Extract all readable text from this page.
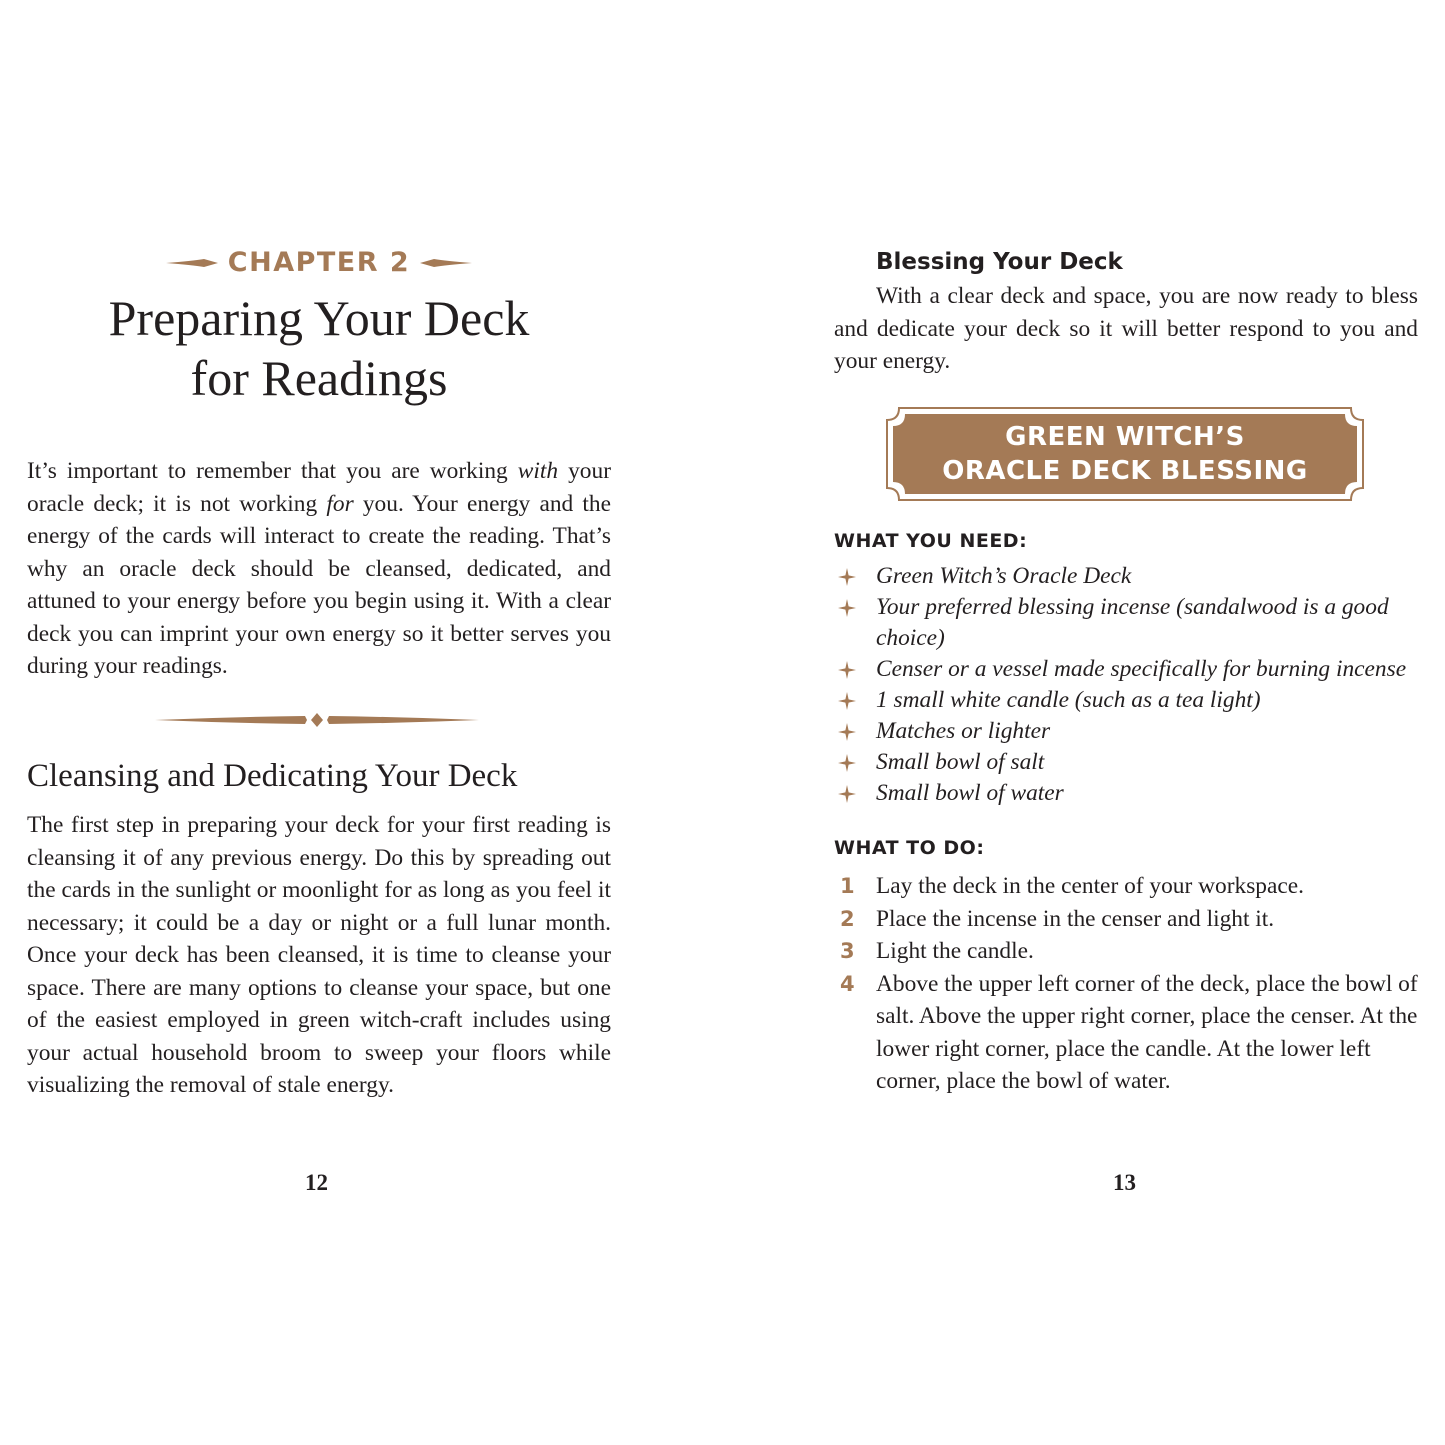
CHAPTER 2
Preparing Your Deck
for Readings

It’s important to remember that you are working with your oracle deck; it is not working for you. Your energy and the energy of the cards will interact to create the reading. That’s why an oracle deck should be cleansed, dedicated, and attuned to your energy before you begin using it. With a clear deck you can imprint your own energy so it better serves you during your readings.

Cleansing and Dedicating Your Deck

The first step in preparing your deck for your first reading is cleansing it of any previous energy. Do this by spreading out the cards in the sunlight or moonlight for as long as you feel it necessary; it could be a day or night or a full lunar month. Once your deck has been cleansed, it is time to cleanse your space. There are many options to cleanse your space, but one of the easiest employed in green witch-craft includes using your actual household broom to sweep your floors while visualizing the removal of stale energy.

12
Blessing Your Deck

With a clear deck and space, you are now ready to bless and dedicate your deck so it will better respond to you and your energy.

GREEN WITCH’S
ORACLE DECK BLESSING
WHAT YOU NEED:
Green Witch’s Oracle Deck
Your preferred blessing incense (sandalwood is a good choice)
Censer or a vessel made specifically for burning incense
1 small white candle (such as a tea light)
Matches or lighter
Small bowl of salt
Small bowl of water
WHAT TO DO:
1 Lay the deck in the center of your workspace.
2 Place the incense in the censer and light it.
3 Light the candle.
4 Above the upper left corner of the deck, place the bowl of salt. Above the upper right corner, place the censer. At the lower right corner, place the candle. At the lower left corner, place the bowl of water.
13
